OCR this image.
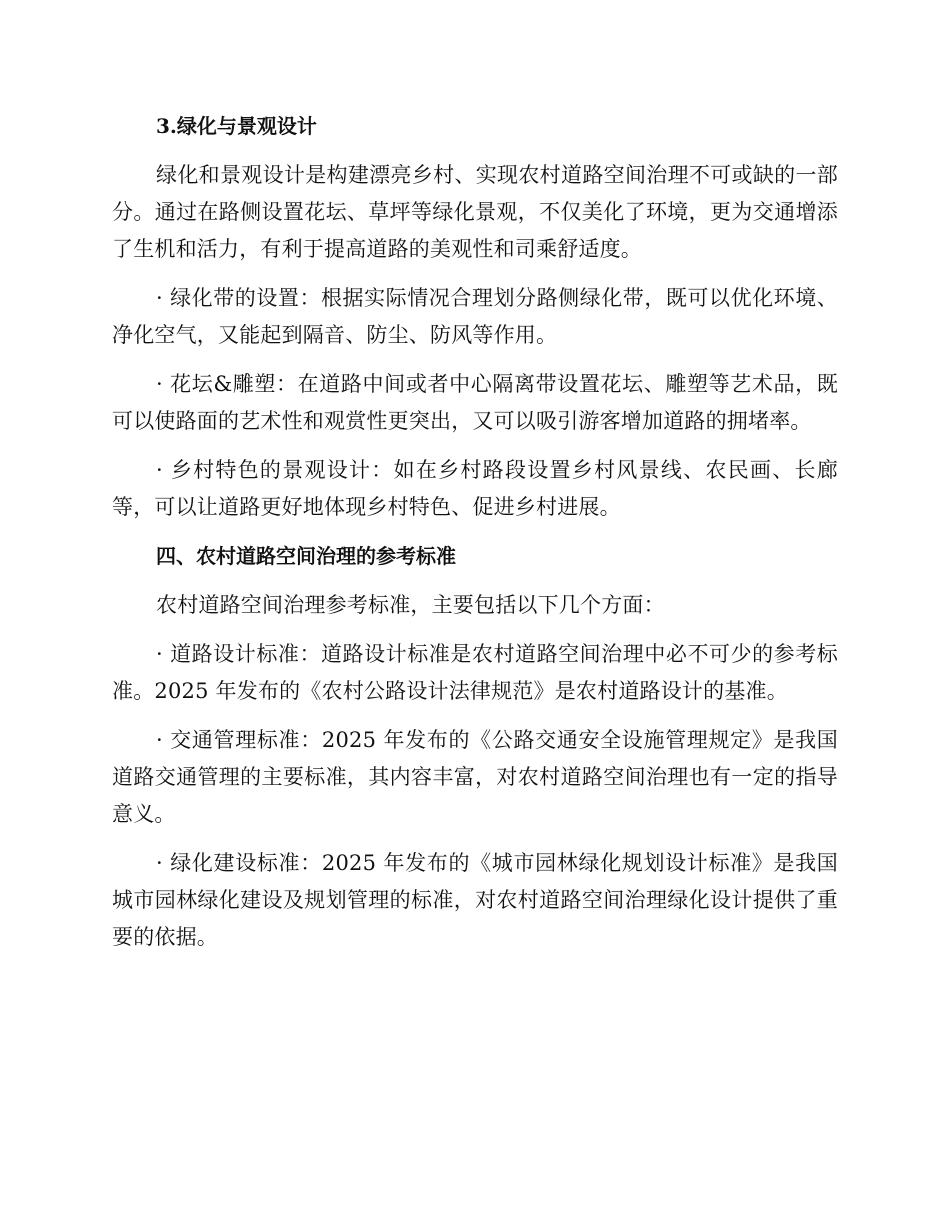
3.绿化与景观设计

绿化和景观设计是构建漂亮乡村、实现农村道路空间治理不可或缺的一部分。通过在路侧设置花坛、草坪等绿化景观，不仅美化了环境，更为交通增添了生机和活力，有利于提高道路的美观性和司乘舒适度。

· 绿化带的设置：根据实际情况合理划分路侧绿化带，既可以优化环境、净化空气，又能起到隔音、防尘、防风等作用。

· 花坛&雕塑：在道路中间或者中心隔离带设置花坛、雕塑等艺术品，既可以使路面的艺术性和观赏性更突出，又可以吸引游客增加道路的拥堵率。

· 乡村特色的景观设计：如在乡村路段设置乡村风景线、农民画、长廊等，可以让道路更好地体现乡村特色、促进乡村进展。

四、农村道路空间治理的参考标准

农村道路空间治理参考标准，主要包括以下几个方面：

· 道路设计标准：道路设计标准是农村道路空间治理中必不可少的参考标准。2025 年发布的《农村公路设计法律规范》是农村道路设计的基准。

· 交通管理标准：2025 年发布的《公路交通安全设施管理规定》是我国道路交通管理的主要标准，其内容丰富，对农村道路空间治理也有一定的指导意义。

· 绿化建设标准：2025 年发布的《城市园林绿化规划设计标准》是我国城市园林绿化建设及规划管理的标准，对农村道路空间治理绿化设计提供了重要的依据。
